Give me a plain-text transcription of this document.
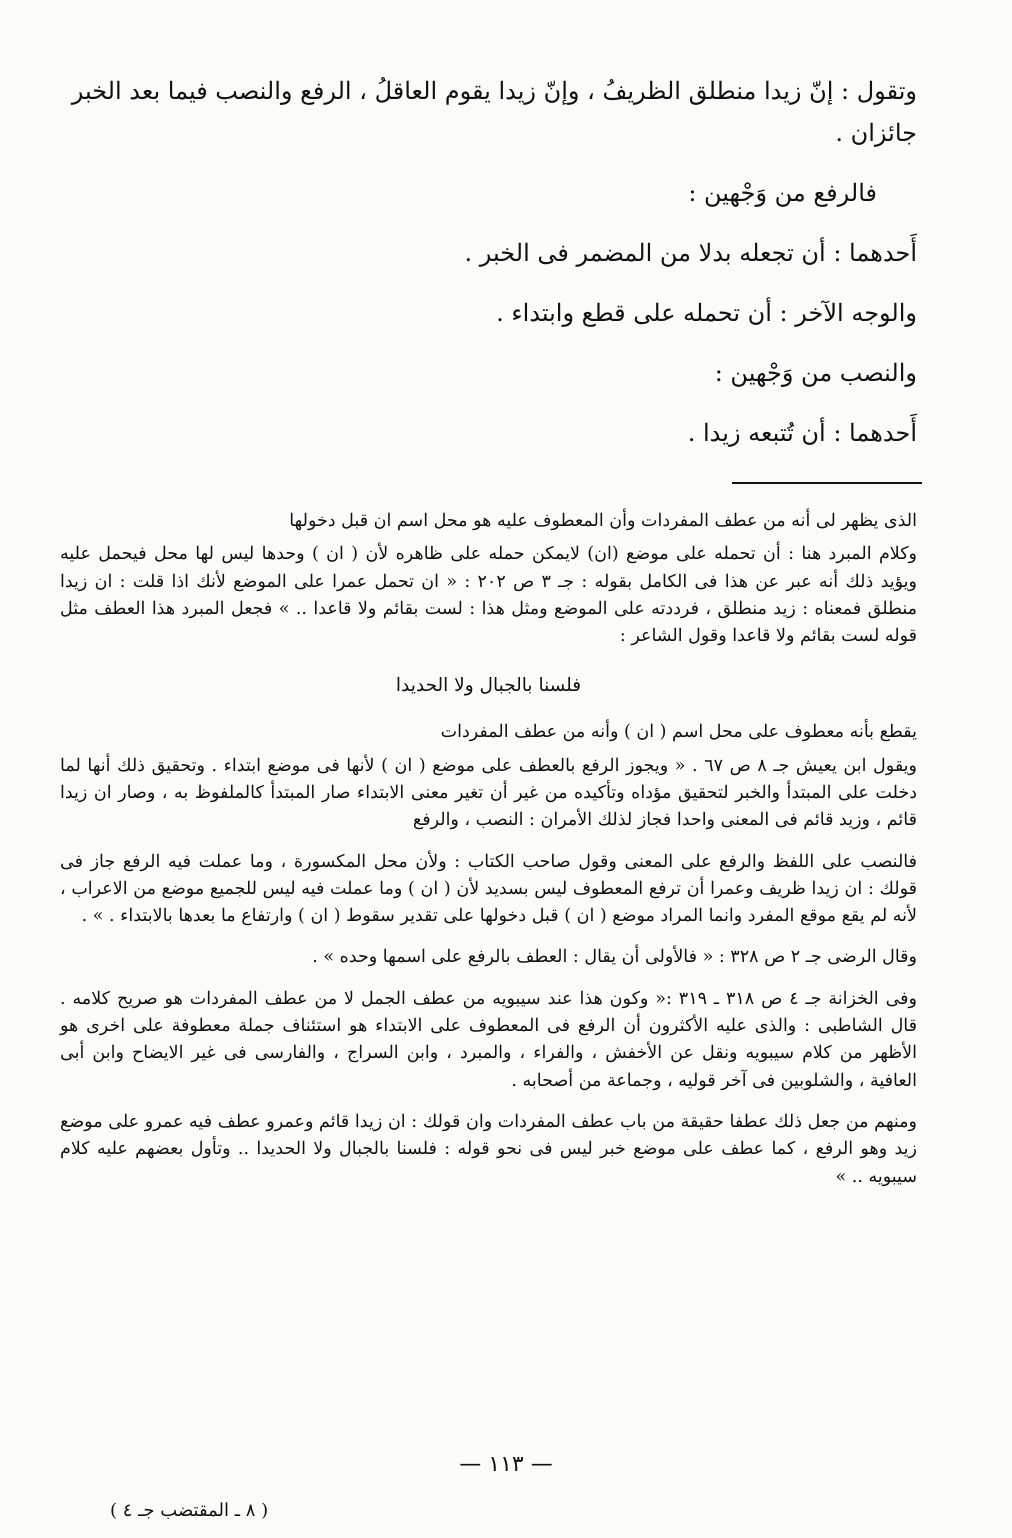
وتقول : إنّ زيدا منطلق الظريفُ ، وإنّ زيدا يقوم العاقلُ ، الرفع والنصب فيما بعد الخبر جائزان .

فالرفع من وَجْهين :

أَحدهما : أن تجعله بدلا من المضمر فى الخبر .

والوجه الآخر : أن تحمله على قطع وابتداء .

والنصب من وَجْهين :

أَحدهما : أن تُتبعه زيدا .

الذى يظهر لى أنه من عطف المفردات وأن المعطوف عليه هو محل اسم ان قبل دخولها

وكلام المبرد هنا : أن تحمله على موضع (ان) لايمكن حمله على ظاهره لأن ( ان ) وحدها ليس لها محل فيحمل عليه ويؤيد ذلك أنه عبر عن هذا فى الكامل بقوله : جـ ٣ ص ٢٠٢ : « ان تحمل عمرا على الموضع لأنك اذا قلت : ان زيدا منطلق فمعناه : زيد منطلق ، فرددته على الموضع ومثل هذا : لست بقائم ولا قاعدا .. » فجعل المبرد هذا العطف مثل قوله لست بقائم ولا قاعدا وقول الشاعر :

فلسنا بالجبال ولا الحديدا

يقطع بأنه معطوف على محل اسم ( ان ) وأنه من عطف المفردات

ويقول ابن يعيش جـ ٨ ص ٦٧ . « ويجوز الرفع بالعطف على موضع ( ان ) لأنها فى موضع ابتداء . وتحقيق ذلك أنها لما دخلت على المبتدأ والخبر لتحقيق مؤداه وتأكيده من غير أن تغير معنى الابتداء صار المبتدأ كالملفوظ به ، وصار ان زيدا قائم ، وزيد قائم فى المعنى واحدا فجاز لذلك الأمران : النصب ، والرفع

فالنصب على اللفظ والرفع على المعنى وقول صاحب الكتاب : ولأن محل المكسورة ، وما عملت فيه الرفع جاز فى قولك : ان زيدا ظريف وعمرا أن ترفع المعطوف ليس بسديد لأن ( ان ) وما عملت فيه ليس للجميع موضع من الاعراب ، لأنه لم يقع موقع المفرد وانما المراد موضع ( ان ) قبل دخولها على تقدير سقوط ( ان ) وارتفاع ما بعدها بالابتداء . » .

وقال الرضى جـ ٢ ص ٣٢٨ : « فالأولى أن يقال : العطف بالرفع على اسمها وحده » .

وفى الخزانة جـ ٤ ص ٣١٨ ـ ٣١٩ :« وكون هذا عند سيبويه من عطف الجمل لا من عطف المفردات هو صريح كلامه . قال الشاطبى : والذى عليه الأكثرون أن الرفع فى المعطوف على الابتداء هو استئناف جملة معطوفة على اخرى هو الأظهر من كلام سيبويه ونقل عن الأخفش ، والفراء ، والمبرد ، وابن السراج ، والفارسى فى غير الايضاح وابن أبى العافية ، والشلوبين فى آخر قوليه ، وجماعة من أصحابه .

ومنهم من جعل ذلك عطفا حقيقة من باب عطف المفردات وان قولك : ان زيدا قائم وعمرو عطف فيه عمرو على موضع زيد وهو الرفع ، كما عطف على موضع خبر ليس فى نحو قوله : فلسنا بالجبال ولا الحديدا .. وتأول بعضهم عليه كلام سيبويه .. »

— ١١٣ —
( ٨ ـ المقتضب جـ ٤ )
